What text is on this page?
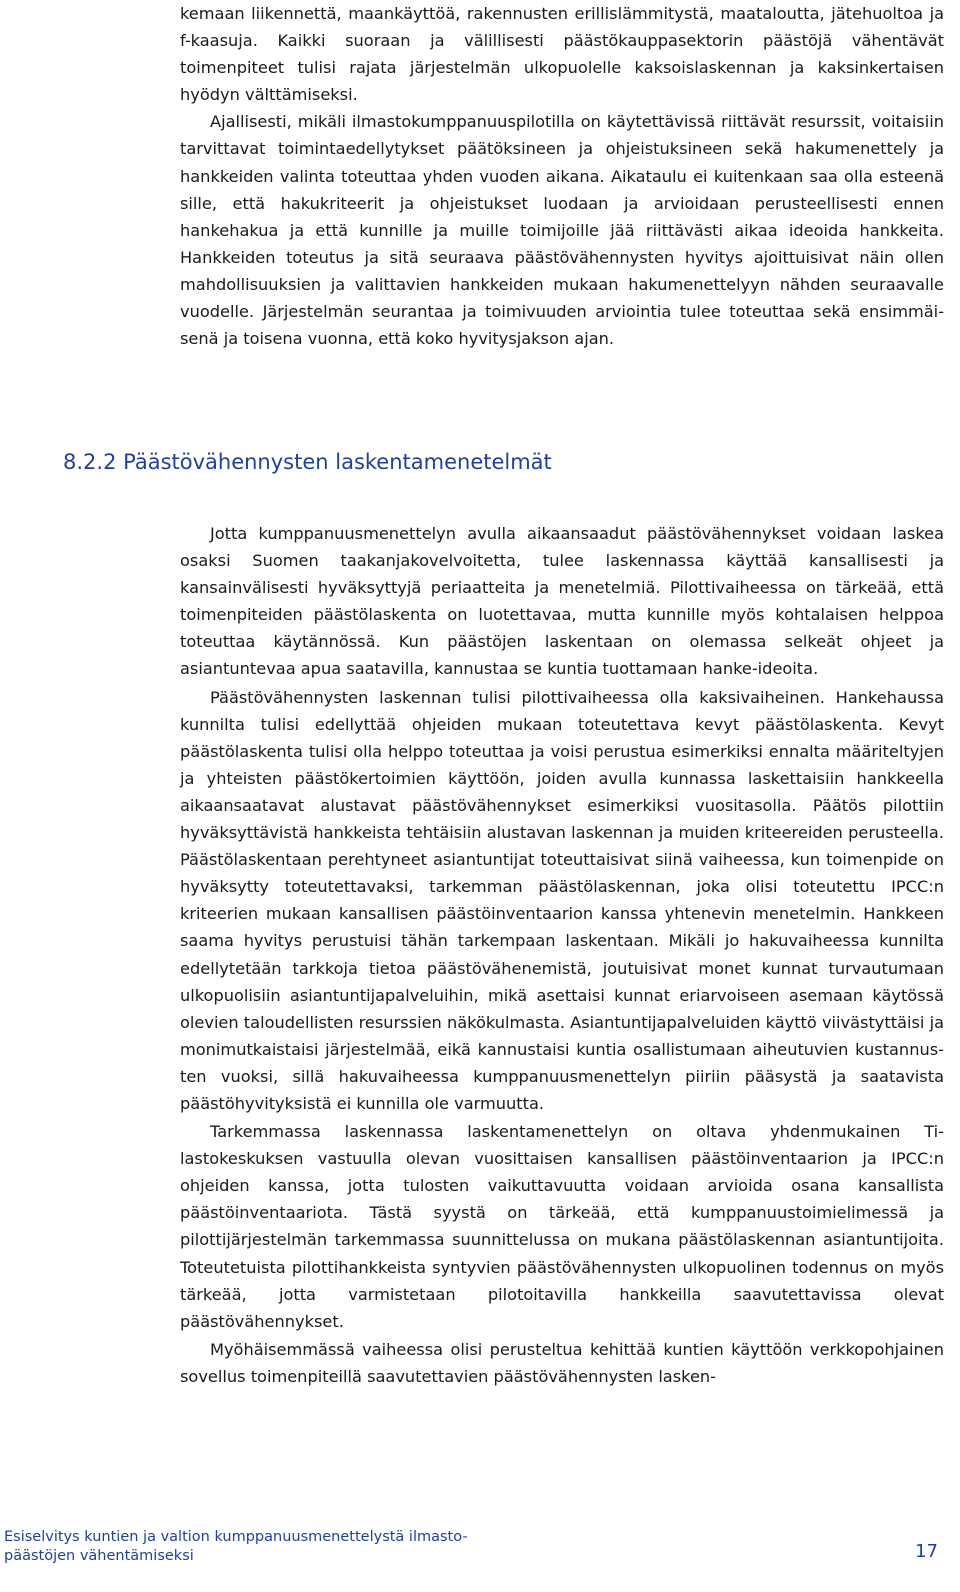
kemaan liikennettä, maankäyttöä, rakennusten erillislämmitystä, maataloutta, jätehuoltoa ja f-kaasuja. Kaikki suoraan ja välillisesti päästökauppasektorin päästöjä vähentävät toimenpiteet tulisi rajata järjestelmän ulkopuolelle kaksoislaskennan ja kaksinkertaisen hyödyn välttämiseksi.

Ajallisesti, mikäli ilmastokumppanuuspilotilla on käytettävissä riittävät resurssit, voitaisiin tarvittavat toimintaedellytykset päätöksineen ja ohjeistuksineen sekä hakumenettely ja hankkeiden valinta toteuttaa yhden vuoden aikana. Aikataulu ei kuitenkaan saa olla esteenä sille, että hakukriteerit ja ohjeistukset luodaan ja arvioidaan perusteellisesti ennen hankehakua ja että kunnille ja muille toimijoille jää riittävästi aikaa ideoida hankkeita. Hankkeiden toteutus ja sitä seuraava päästövähennysten hyvitys ajoittuisivat näin ollen mahdollisuuksien ja valittavien hankkeiden mukaan hakumenettelyyn nähden seuraavalle vuodelle. Järjestelmän seurantaa ja toimivuuden arviointia tulee toteuttaa sekä ensimmäisenä ja toisena vuonna, että koko hyvitysjakson ajan.

8.2.2 Päästövähennysten laskentamenetelmät

Jotta kumppanuusmenettelyn avulla aikaansaadut päästövähennykset voidaan laskea osaksi Suomen taakanjakovelvoitetta, tulee laskennassa käyttää kansallisesti ja kansainvälisesti hyväksyttyjä periaatteita ja menetelmiä. Pilottivaiheessa on tärkeää, että toimenpiteiden päästölaskenta on luotettavaa, mutta kunnille myös kohtalaisen helppoa toteuttaa käytännössä. Kun päästöjen laskentaan on olemassa selkeät ohjeet ja asiantuntevaa apua saatavilla, kannustaa se kuntia tuottamaan hanke-ideoita.

Päästövähennysten laskennan tulisi pilottivaiheessa olla kaksivaiheinen. Hankehaussa kunnilta tulisi edellyttää ohjeiden mukaan toteutettava kevyt päästölaskenta. Kevyt päästölaskenta tulisi olla helppo toteuttaa ja voisi perustua esimerkiksi ennalta määriteltyjen ja yhteisten päästökertoimien käyttöön, joiden avulla kunnassa laskettaisiin hankkeella aikaansaatavat alustavat päästövähennykset esimerkiksi vuositasolla. Päätös pilottiin hyväksyttävistä hankkeista tehtäisiin alustavan laskennan ja muiden kriteereiden perusteella. Päästölaskentaan perehtyneet asiantuntijat toteuttaisivat siinä vaiheessa, kun toimenpide on hyväksytty toteutettavaksi, tarkemman päästölaskennan, joka olisi toteutettu IPCC:n kriteerien mukaan kansallisen päästöinventaarion kanssa yhtenevin menetelmin. Hankkeen saama hyvitys perustuisi tähän tarkempaan laskentaan. Mikäli jo hakuvaiheessa kunnilta edellytetään tarkkoja tietoa päästövähenemistä, joutuisivat monet kunnat turvautumaan ulkopuolisiin asiantuntijapalveluihin, mikä asettaisi kunnat eriarvoiseen asemaan käytössä olevien taloudellisten resurssien näkökulmasta. Asiantuntijapalveluiden käyttö viivästyttäisi ja monimutkaistaisi järjestelmää, eikä kannustaisi kuntia osallistumaan aiheutuvien kustannusten vuoksi, sillä hakuvaiheessa kumppanuusmenettelyn piiriin pääsystä ja saatavista päästöhyvityksistä ei kunnilla ole varmuutta.

Tarkemmassa laskennassa laskentamenettelyn on oltava yhdenmukainen Tilastokeskuksen vastuulla olevan vuosittaisen kansallisen päästöinventaarion ja IPCC:n ohjeiden kanssa, jotta tulosten vaikuttavuutta voidaan arvioida osana kansallista päästöinventaariota. Tästä syystä on tärkeää, että kumppanuustoimielimessä ja pilottijärjestelmän tarkemmassa suunnittelussa on mukana päästölaskennan asiantuntijoita. Toteutetuista pilottihankkeista syntyvien päästövähennysten ulkopuolinen todennus on myös tärkeää, jotta varmistetaan pilotoitavilla hankkeilla saavutettavissa olevat päästövähennykset.

Myöhäisemmässä vaiheessa olisi perusteltua kehittää kuntien käyttöön verkkopohjainen sovellus toimenpiteillä saavutettavien päästövähennysten lasken-

Esiselvitys kuntien ja valtion kumppanuusmenettelystä ilmasto-
päästöjen vähentämiseksi	17
